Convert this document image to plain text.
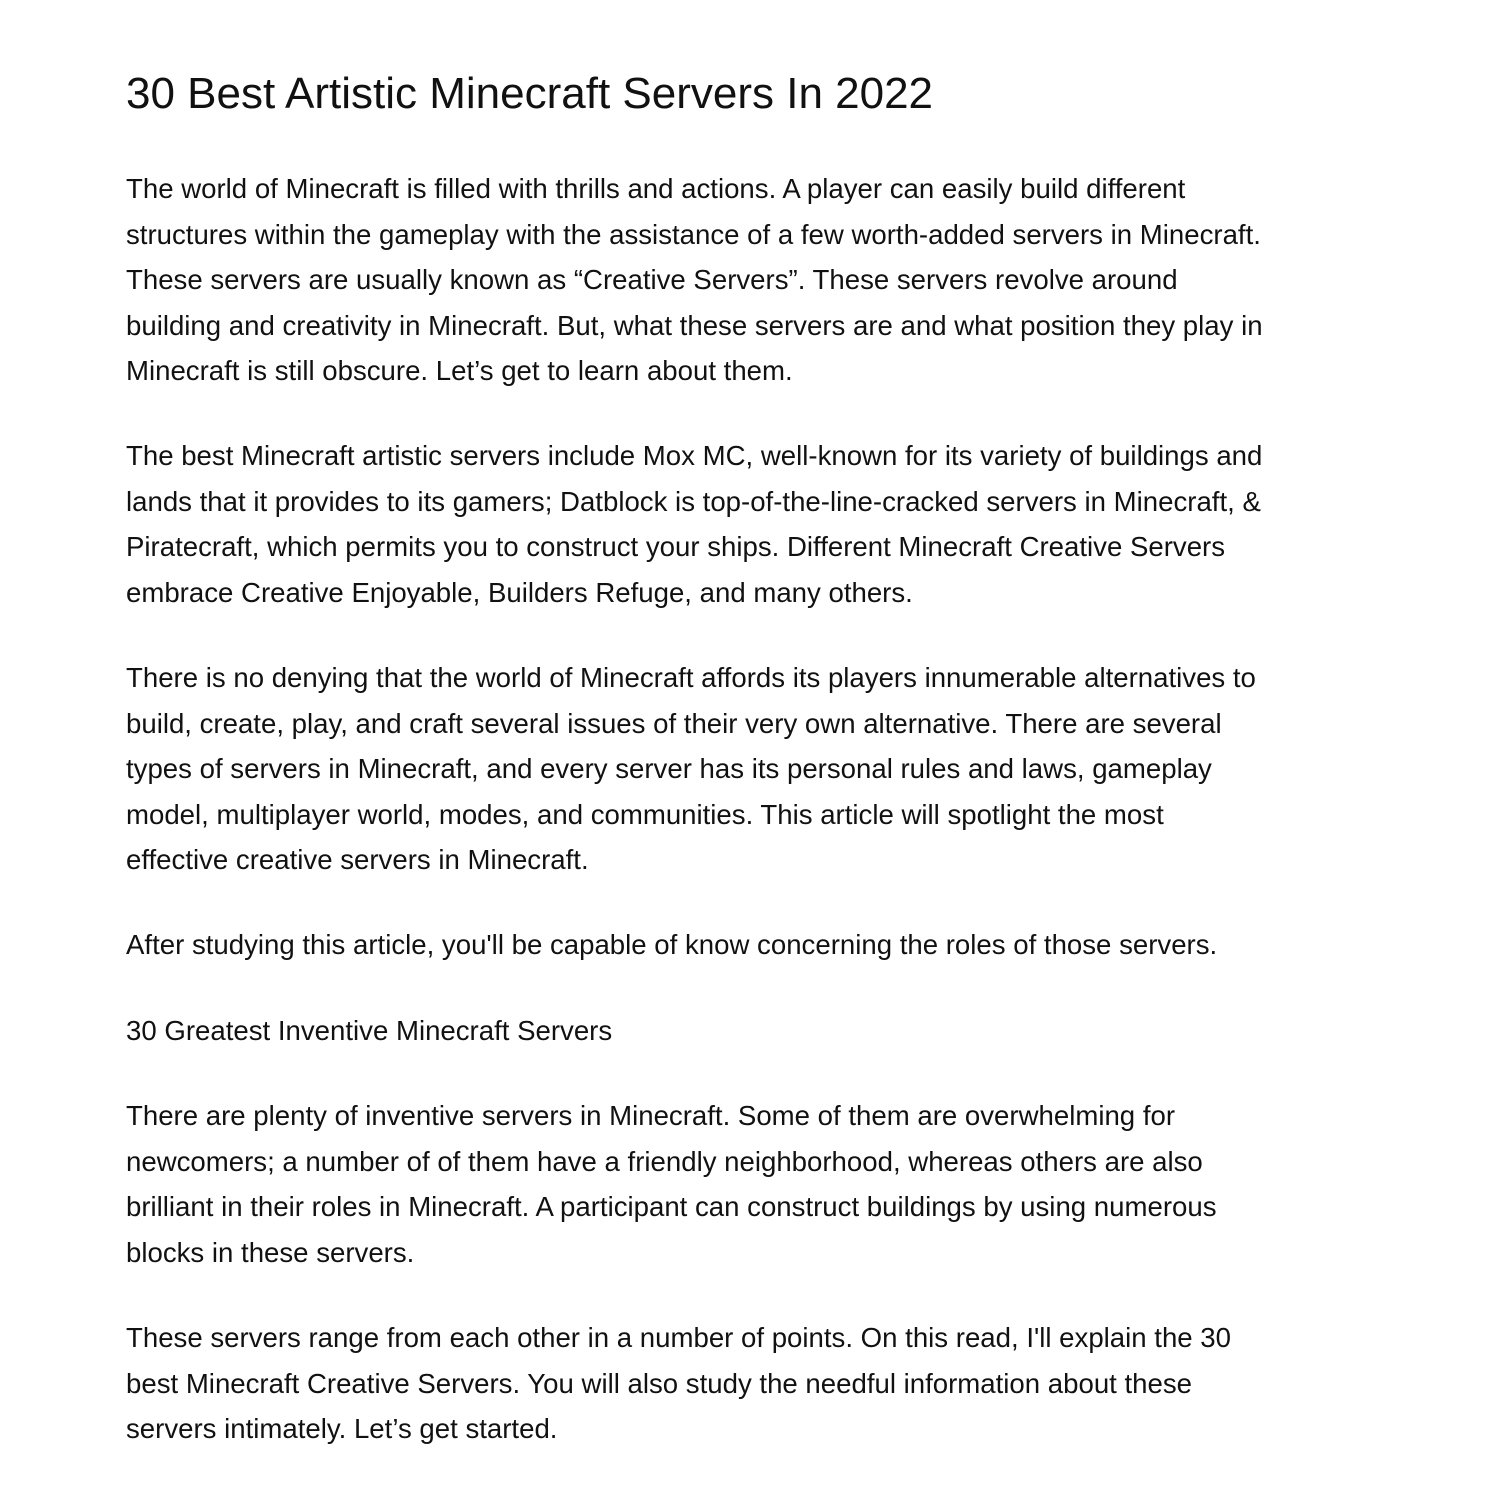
30 Best Artistic Minecraft Servers In 2022

The world of Minecraft is filled with thrills and actions. A player can easily build different
structures within the gameplay with the assistance of a few worth-added servers in Minecraft.
These servers are usually known as “Creative Servers”. These servers revolve around
building and creativity in Minecraft. But, what these servers are and what position they play in
Minecraft is still obscure. Let’s get to learn about them.

The best Minecraft artistic servers include Mox MC, well-known for its variety of buildings and
lands that it provides to its gamers; Datblock is top-of-the-line-cracked servers in Minecraft, &
Piratecraft, which permits you to construct your ships. Different Minecraft Creative Servers
embrace Creative Enjoyable, Builders Refuge, and many others.

There is no denying that the world of Minecraft affords its players innumerable alternatives to
build, create, play, and craft several issues of their very own alternative. There are several
types of servers in Minecraft, and every server has its personal rules and laws, gameplay
model, multiplayer world, modes, and communities. This article will spotlight the most
effective creative servers in Minecraft.

After studying this article, you'll be capable of know concerning the roles of those servers.

30 Greatest Inventive Minecraft Servers

There are plenty of inventive servers in Minecraft. Some of them are overwhelming for
newcomers; a number of of them have a friendly neighborhood, whereas others are also
brilliant in their roles in Minecraft. A participant can construct buildings by using numerous
blocks in these servers.

These servers range from each other in a number of points. On this read, I'll explain the 30
best Minecraft Creative Servers. You will also study the needful information about these
servers intimately. Let’s get started.
